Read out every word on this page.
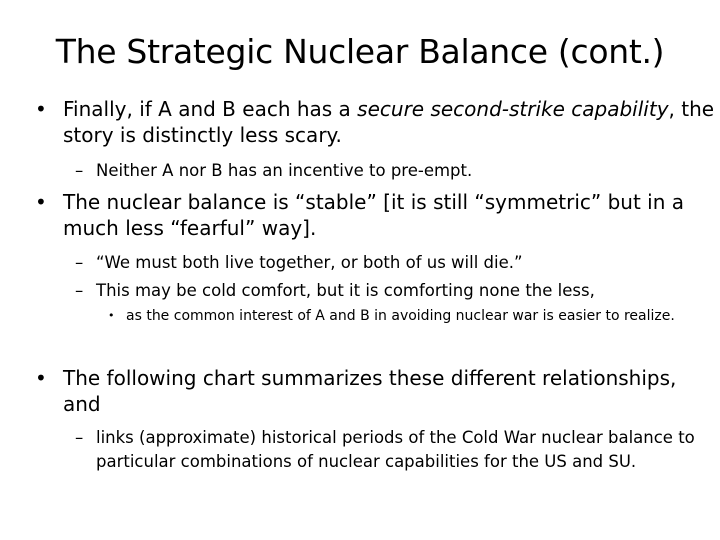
The Strategic Nuclear Balance (cont.)
• Finally, if A and B each has a secure second-strike capability, the
story is distinctly less scary.
– Neither A nor B has an incentive to pre-empt.
• The nuclear balance is “stable” [it is still “symmetric” but in a
much less “fearful” way].
– “We must both live together, or both of us will die.”
– This may be cold comfort, but it is comforting none the less,
• as the common interest of A and B in avoiding nuclear war is easier to realize.
• The following chart summarizes these different relationships,
and
– links (approximate) historical periods of the Cold War nuclear balance to
particular combinations of nuclear capabilities for the US and SU.
